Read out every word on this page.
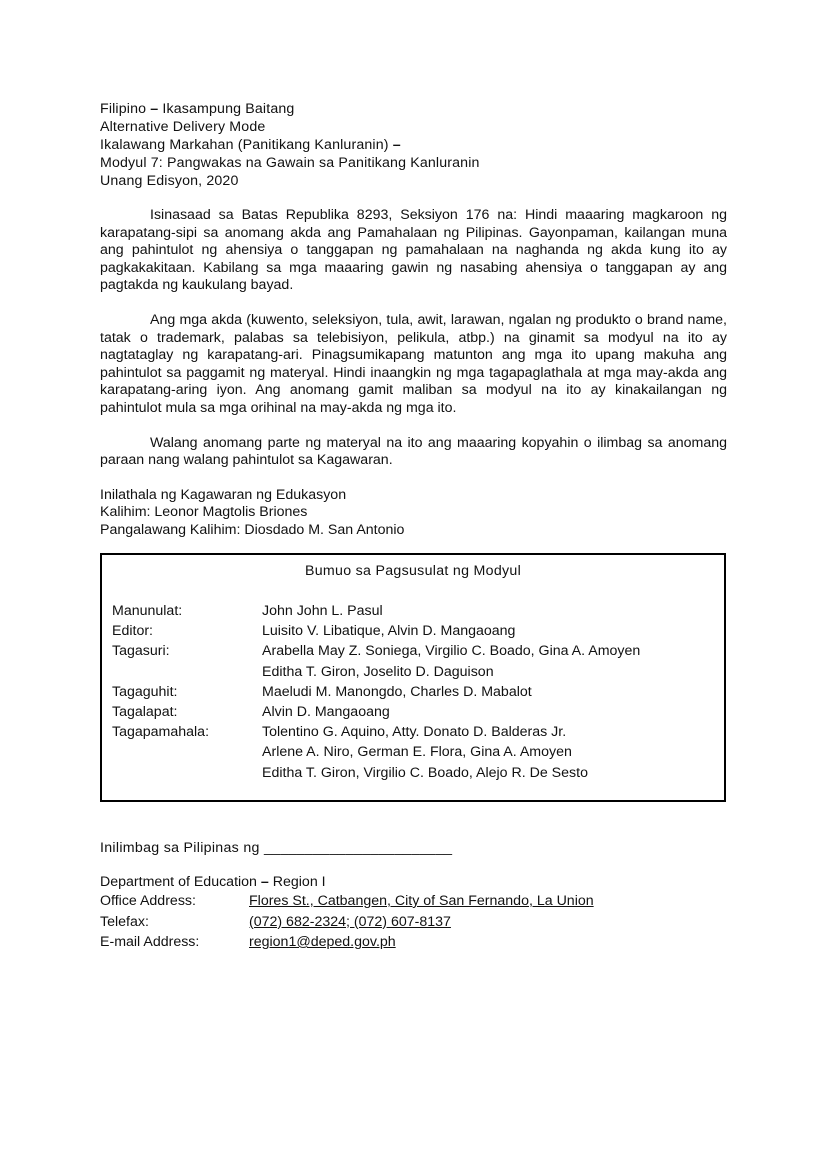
Filipino – Ikasampung Baitang

Alternative Delivery Mode

Ikalawang Markahan (Panitikang Kanluranin) –

Modyul 7: Pangwakas na Gawain sa Panitikang Kanluranin

Unang Edisyon, 2020

Isinasaad sa Batas Republika 8293, Seksiyon 176 na: Hindi maaaring magkaroon ng karapatang-sipi sa anomang akda ang Pamahalaan ng Pilipinas. Gayonpaman, kailangan muna ang pahintulot ng ahensiya o tanggapan ng pamahalaan na naghanda ng akda kung ito ay pagkakakitaan. Kabilang sa mga maaaring gawin ng nasabing ahensiya o tanggapan ay ang pagtakda ng kaukulang bayad.

Ang mga akda (kuwento, seleksiyon, tula, awit, larawan, ngalan ng produkto o brand name, tatak o trademark, palabas sa telebisiyon, pelikula, atbp.) na ginamit sa modyul na ito ay nagtataglay ng karapatang-ari. Pinagsumikapang matunton ang mga ito upang makuha ang pahintulot sa paggamit ng materyal. Hindi inaangkin ng mga tagapaglathala at mga may-akda ang karapatang-aring iyon. Ang anomang gamit maliban sa modyul na ito ay kinakailangan ng pahintulot mula sa mga orihinal na may-akda ng mga ito.

Walang anomang parte ng materyal na ito ang maaaring kopyahin o ilimbag sa anomang paraan nang walang pahintulot sa Kagawaran.

Inilathala ng Kagawaran ng Edukasyon
Kalihim: Leonor Magtolis Briones
Pangalawang Kalihim: Diosdado M. San Antonio
Bumuo sa Pagsusulat ng Modyul
Manunulat:	John John L. Pasul
Editor:	Luisito V. Libatique, Alvin D. Mangaoang
Tagasuri:	Arabella May Z. Soniega, Virgilio C. Boado, Gina A. Amoyen
Editha T. Giron, Joselito D. Daguison
Tagaguhit:	Maeludi M. Manongdo, Charles D. Mabalot
Tagalapat:	Alvin D. Mangaoang
Tagapamahala:	Tolentino G. Aquino, Atty. Donato D. Balderas Jr.
Arlene A. Niro, German E. Flora, Gina A. Amoyen
Editha T. Giron, Virgilio C. Boado, Alejo R. De Sesto
Inilimbag sa Pilipinas ng _______________________
Department of Education – Region I
Office Address:	Flores St., Catbangen, City of San Fernando, La Union
Telefax:	(072) 682-2324; (072) 607-8137
E-mail Address:	region1@deped.gov.ph
